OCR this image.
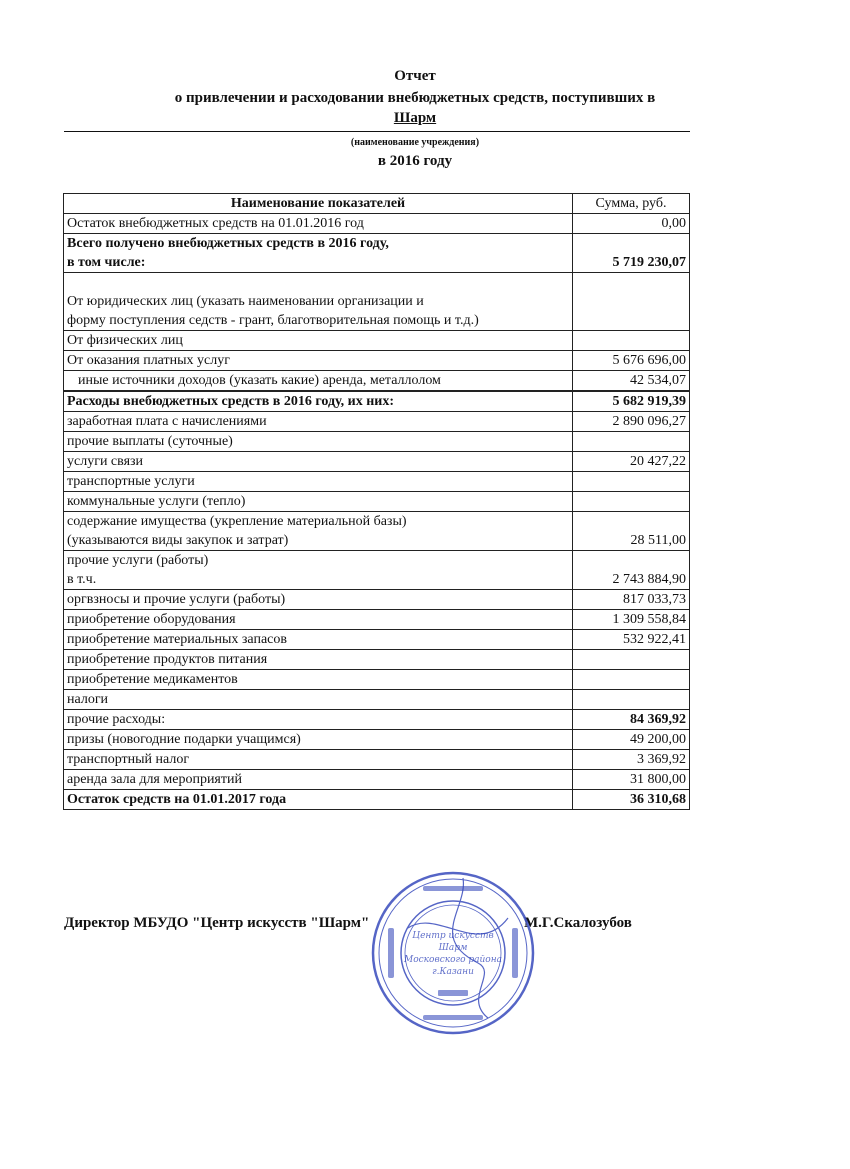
Отчет
о привлечении и расходовании внебюджетных средств, поступивших в
Шарм
(наименование учреждения)
в 2016 году
Наименование показателей	Сумма, руб.
Остаток внебюджетных средств на 01.01.2016 год	0,00

Всего получено внебюджетных средств в 2016 году,
в том числе:	5 719 230,07

От юридических лиц (указать наименовании организации и
форму поступления седств - грант, благотворительная помощь и т.д.)	

От физических лиц	
От оказания платных услуг	5 676 696,00
иные источники доходов (указать какие) аренда, металлолом	42 534,07

Расходы внебюджетных средств в 2016 году, их них:	5 682 919,39
заработная плата с начислениями	2 890 096,27
прочие выплаты (суточные)	
услуги связи	20 427,22
транспортные услуги	
коммунальные услуги (тепло)	

содержание имущества (укрепление материальной базы)
(указываются виды закупок и затрат)	28 511,00

прочие услуги (работы)
в т.ч.	2 743 884,90
оргвзносы и прочие услуги (работы)	817 033,73
приобретение оборудования	1 309 558,84
приобретение материальных запасов	532 922,41
приобретение продуктов питания	
приобретение медикаментов	
налоги	
прочие расходы:	84 369,92
призы (новогодние подарки учащимся)	49 200,00
транспортный налог	3 369,92
аренда зала для мероприятий	31 800,00
Остаток средств на 01.01.2017 года	36 310,68
Директор МБУДО "Центр искусств "Шарм"	М.Г.Скалозубов
Центр искусств
Шарм
Московского района
г.Казани
